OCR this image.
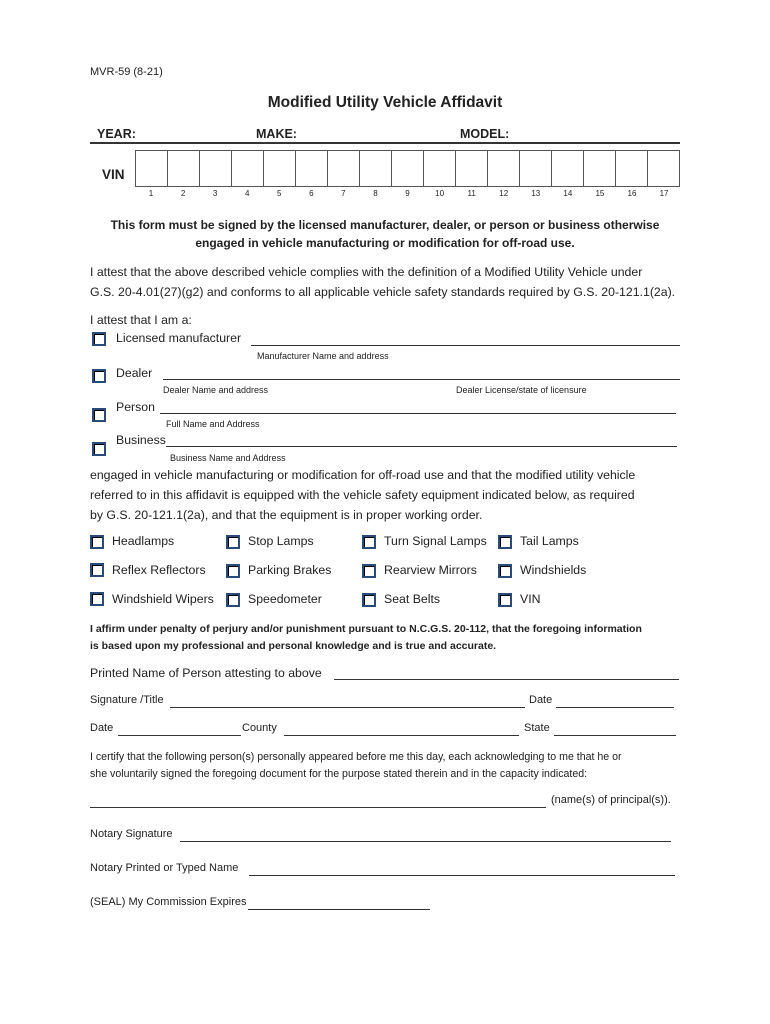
MVR-59 (8-21)
Modified Utility Vehicle Affidavit
YEAR:	MAKE:	MODEL:
VIN
1	2	3	4	5	6	7	8	9	10	11	12	13	14	15	16	17
This form must be signed by the licensed manufacturer, dealer, or person or business otherwise
engaged in vehicle manufacturing or modification for off-road use.
I attest that the above described vehicle complies with the definition of a Modified Utility Vehicle under
G.S. 20-4.01(27)(g2) and conforms to all applicable vehicle safety standards required by G.S. 20-121.1(2a).
I attest that I am a:
Licensed manufacturer
Manufacturer Name and address
Dealer
Dealer Name and address	Dealer License/state of licensure
Person
Full Name and Address
Business
Business Name and Address
engaged in vehicle manufacturing or modification for off-road use and that the modified utility vehicle
referred to in this affidavit is equipped with the vehicle safety equipment indicated below, as required
by G.S. 20-121.1(2a), and that the equipment is in proper working order.
Headlamps	Stop Lamps	Turn Signal Lamps	Tail Lamps
Reflex Reflectors	Parking Brakes	Rearview Mirrors	Windshields
Windshield Wipers	Speedometer	Seat Belts	VIN
I affirm under penalty of perjury and/or punishment pursuant to N.C.G.S. 20-112, that the foregoing information
is based upon my professional and personal knowledge and is true and accurate.
Printed Name of Person attesting to above
Signature /Title	Date
Date	County	State
I certify that the following person(s) personally appeared before me this day, each acknowledging to me that he or
she voluntarily signed the foregoing document for the purpose stated therein and in the capacity indicated:
(name(s) of principal(s)).
Notary Signature
Notary Printed or Typed Name
(SEAL) My Commission Expires
